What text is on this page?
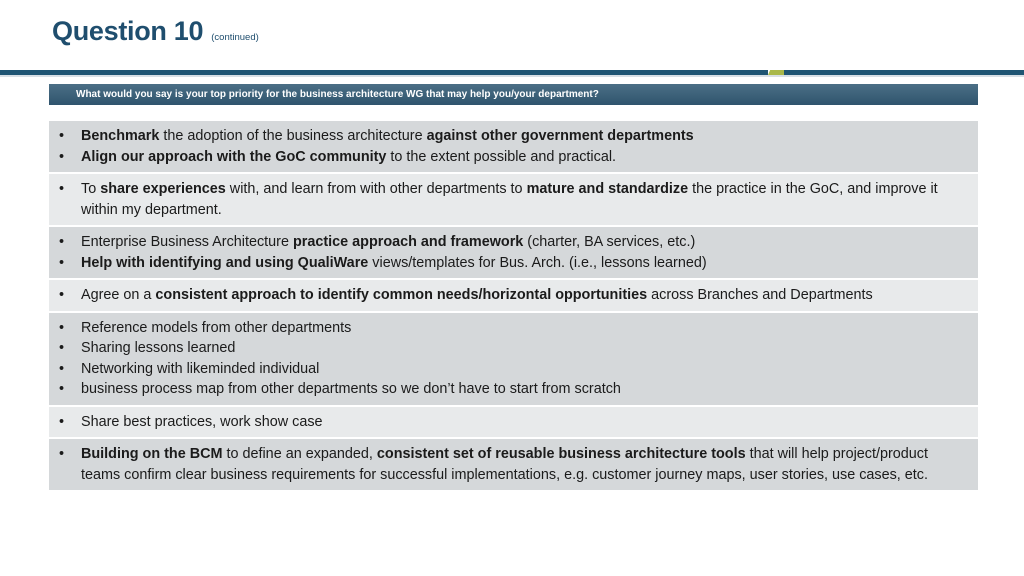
Question 10 (continued)
What would you say is your top priority for the business architecture WG that may help you/your department?
• Benchmark the adoption of the business architecture against other government departments
• Align our approach with the GoC community to the extent possible and practical.
• To share experiences with, and learn from with other departments to mature and standardize the practice in the GoC, and improve it within my department.
• Enterprise Business Architecture practice approach and framework (charter, BA services, etc.)
• Help with identifying and using QualiWare views/templates for Bus. Arch. (i.e., lessons learned)
• Agree on a consistent approach to identify common needs/horizontal opportunities across Branches and Departments
• Reference models from other departments
• Sharing lessons learned
• Networking with likeminded individual
• business process map from other departments so we don’t have to start from scratch
• Share best practices, work show case
• Building on the BCM to define an expanded, consistent set of reusable business architecture tools that will help project/product teams confirm clear business requirements for successful implementations, e.g. customer journey maps, user stories, use cases, etc.
